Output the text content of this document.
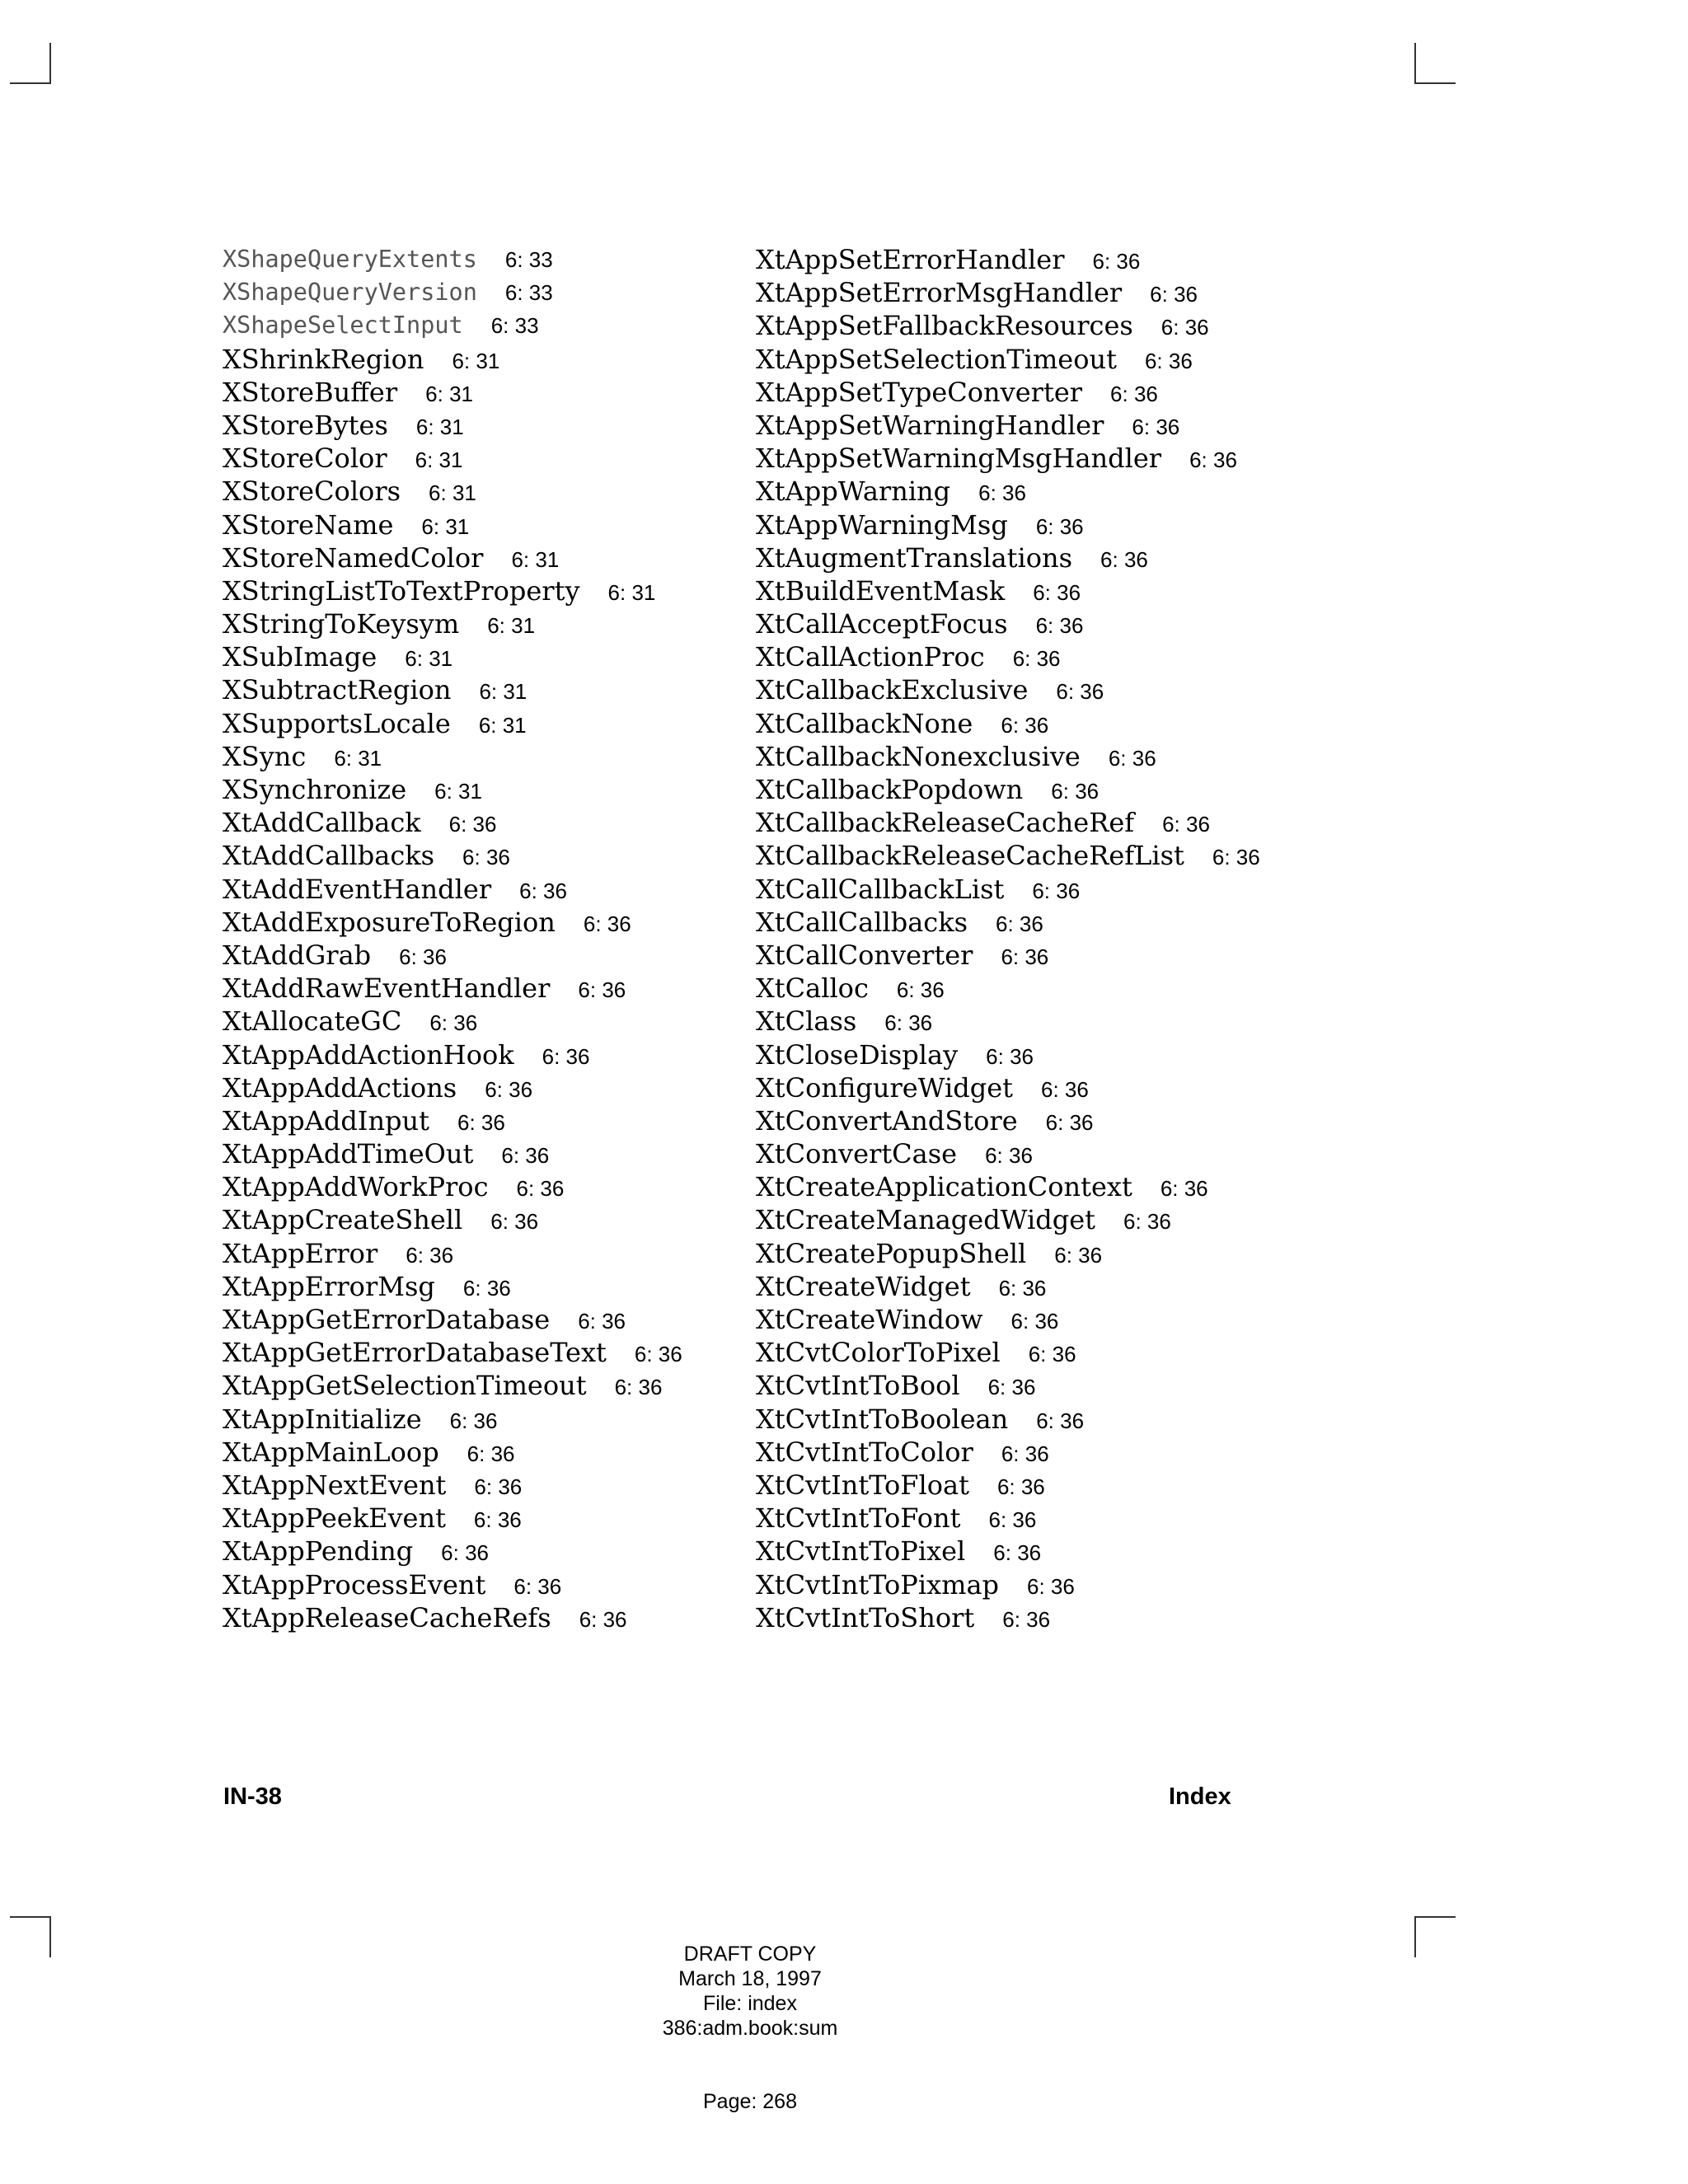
XShapeQueryExtents 6: 33
XShapeQueryVersion 6: 33
XShapeSelectInput 6: 33
XShrinkRegion 6: 31
XStoreBuffer 6: 31
XStoreBytes 6: 31
XStoreColor 6: 31
XStoreColors 6: 31
XStoreName 6: 31
XStoreNamedColor 6: 31
XStringListToTextProperty 6: 31
XStringToKeysym 6: 31
XSubImage 6: 31
XSubtractRegion 6: 31
XSupportsLocale 6: 31
XSync 6: 31
XSynchronize 6: 31
XtAddCallback 6: 36
XtAddCallbacks 6: 36
XtAddEventHandler 6: 36
XtAddExposureToRegion 6: 36
XtAddGrab 6: 36
XtAddRawEventHandler 6: 36
XtAllocateGC 6: 36
XtAppAddActionHook 6: 36
XtAppAddActions 6: 36
XtAppAddInput 6: 36
XtAppAddTimeOut 6: 36
XtAppAddWorkProc 6: 36
XtAppCreateShell 6: 36
XtAppError 6: 36
XtAppErrorMsg 6: 36
XtAppGetErrorDatabase 6: 36
XtAppGetErrorDatabaseText 6: 36
XtAppGetSelectionTimeout 6: 36
XtAppInitialize 6: 36
XtAppMainLoop 6: 36
XtAppNextEvent 6: 36
XtAppPeekEvent 6: 36
XtAppPending 6: 36
XtAppProcessEvent 6: 36
XtAppReleaseCacheRefs 6: 36
XtAppSetErrorHandler 6: 36
XtAppSetErrorMsgHandler 6: 36
XtAppSetFallbackResources 6: 36
XtAppSetSelectionTimeout 6: 36
XtAppSetTypeConverter 6: 36
XtAppSetWarningHandler 6: 36
XtAppSetWarningMsgHandler 6: 36
XtAppWarning 6: 36
XtAppWarningMsg 6: 36
XtAugmentTranslations 6: 36
XtBuildEventMask 6: 36
XtCallAcceptFocus 6: 36
XtCallActionProc 6: 36
XtCallbackExclusive 6: 36
XtCallbackNone 6: 36
XtCallbackNonexclusive 6: 36
XtCallbackPopdown 6: 36
XtCallbackReleaseCacheRef 6: 36
XtCallbackReleaseCacheRefList 6: 36
XtCallCallbackList 6: 36
XtCallCallbacks 6: 36
XtCallConverter 6: 36
XtCalloc 6: 36
XtClass 6: 36
XtCloseDisplay 6: 36
XtConfigureWidget 6: 36
XtConvertAndStore 6: 36
XtConvertCase 6: 36
XtCreateApplicationContext 6: 36
XtCreateManagedWidget 6: 36
XtCreatePopupShell 6: 36
XtCreateWidget 6: 36
XtCreateWindow 6: 36
XtCvtColorToPixel 6: 36
XtCvtIntToBool 6: 36
XtCvtIntToBoolean 6: 36
XtCvtIntToColor 6: 36
XtCvtIntToFloat 6: 36
XtCvtIntToFont 6: 36
XtCvtIntToPixel 6: 36
XtCvtIntToPixmap 6: 36
XtCvtIntToShort 6: 36
IN-38	Index
DRAFT COPY
March 18, 1997
File: index
386:adm.book:sum
Page: 268
